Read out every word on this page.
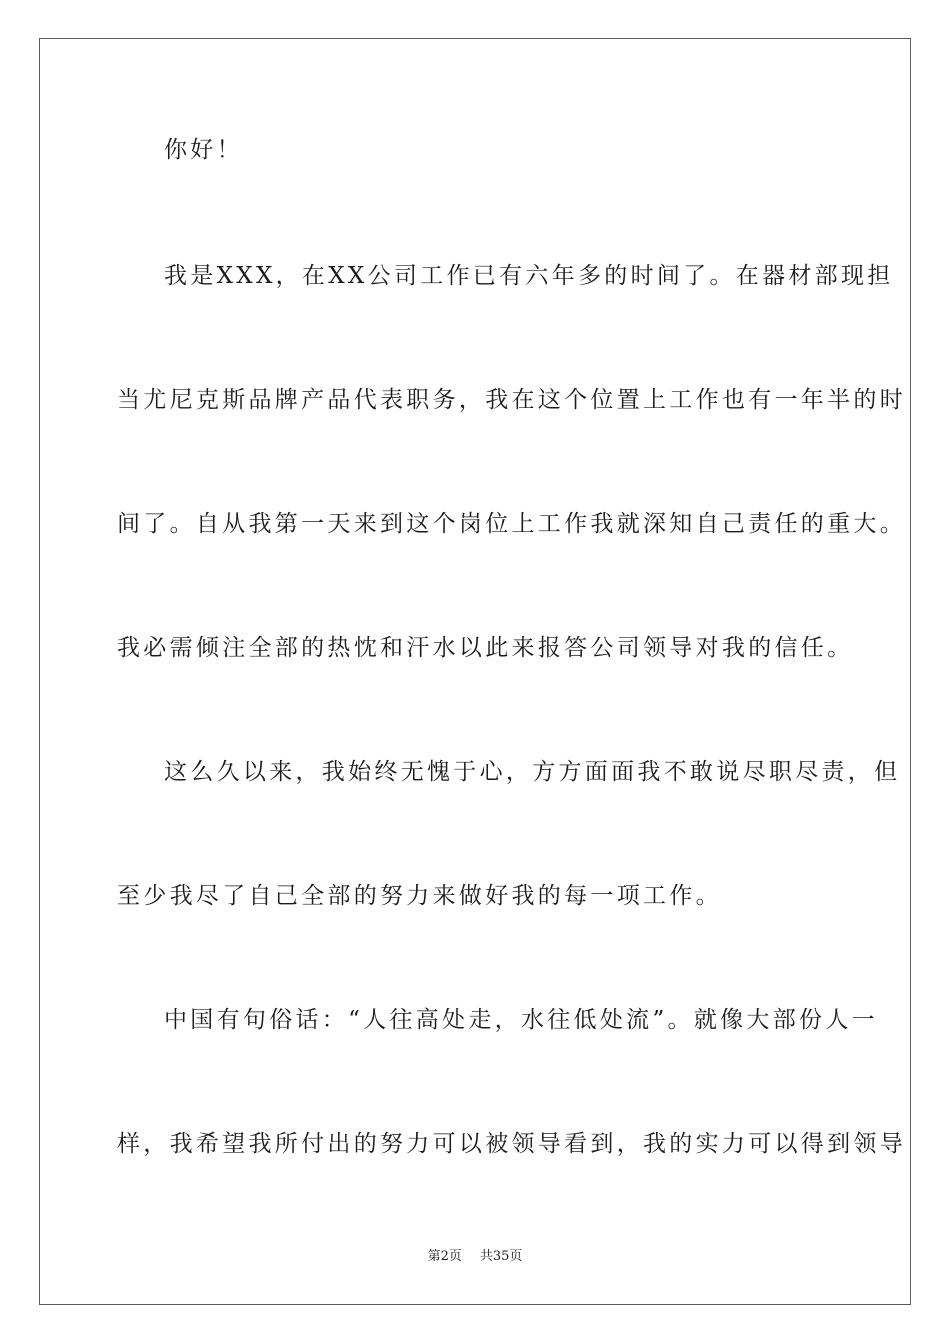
你好！
我是XXX，在XX公司工作已有六年多的时间了。在器材部现担
当尤尼克斯品牌产品代表职务，我在这个位置上工作也有一年半的时
间了。自从我第一天来到这个岗位上工作我就深知自己责任的重大。
我必需倾注全部的热忱和汗水以此来报答公司领导对我的信任。
这么久以来，我始终无愧于心，方方面面我不敢说尽职尽责，但
至少我尽了自己全部的努力来做好我的每一项工作。
中国有句俗话：“人往高处走，水往低处流”。就像大部份人一
样，我希望我所付出的努力可以被领导看到，我的实力可以得到领导
第2页 共35页
